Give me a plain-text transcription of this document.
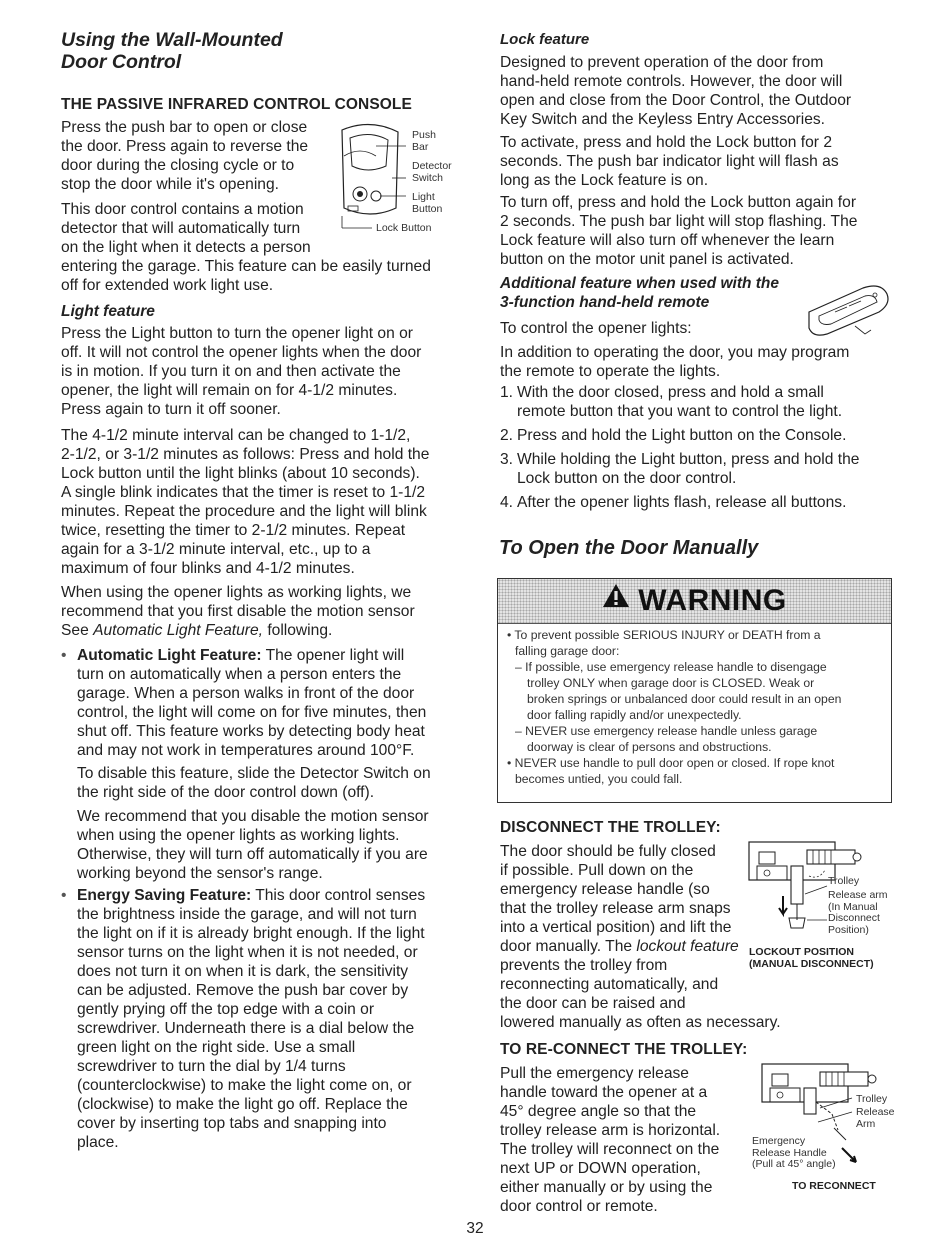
Using the Wall-Mounted
Door Control
THE PASSIVE INFRARED CONTROL CONSOLE
Press the push bar to open or close
the door. Press again to reverse the
door during the closing cycle or to
stop the door while it's opening.
This door control contains a motion
detector that will automatically turn
on the light when it detects a person
entering the garage. This feature can be easily turned
off for extended work light use.
Push
Bar
Detector
Switch
Light
Button
Lock Button
Light feature
Press the Light button to turn the opener light on or
off. It will not control the opener lights when the door
is in motion. If you turn it on and then activate the
opener, the light will remain on for 4-1/2 minutes.
Press again to turn it off sooner.
The 4-1/2 minute interval can be changed to 1-1/2,
2-1/2, or 3-1/2 minutes as follows: Press and hold the
Lock button until the light blinks (about 10 seconds).
A single blink indicates that the timer is reset to 1-1/2
minutes. Repeat the procedure and the light will blink
twice, resetting the timer to 2-1/2 minutes. Repeat
again for a 3-1/2 minute interval, etc., up to a
maximum of four blinks and 4-1/2 minutes.
When using the opener lights as working lights, we
recommend that you first disable the motion sensor
See Automatic Light Feature, following.
• Automatic Light Feature: The opener light will
turn on automatically when a person enters the
garage. When a person walks in front of the door
control, the light will come on for five minutes, then
shut off. This feature works by detecting body heat
and may not work in temperatures around 100°F.
To disable this feature, slide the Detector Switch on
the right side of the door control down (off).
We recommend that you disable the motion sensor
when using the opener lights as working lights.
Otherwise, they will turn off automatically if you are
working beyond the sensor's range.
• Energy Saving Feature: This door control senses
the brightness inside the garage, and will not turn
the light on if it is already bright enough. If the light
sensor turns on the light when it is not needed, or
does not turn it on when it is dark, the sensitivity
can be adjusted. Remove the push bar cover by
gently prying off the top edge with a coin or
screwdriver. Underneath there is a dial below the
green light on the right side. Use a small
screwdriver to turn the dial by 1/4 turns
(counterclockwise) to make the light come on, or
(clockwise) to make the light go off. Replace the
cover by inserting top tabs and snapping into
place.
Lock feature
Designed to prevent operation of the door from
hand-held remote controls. However, the door will
open and close from the Door Control, the Outdoor
Key Switch and the Keyless Entry Accessories.
To activate, press and hold the Lock button for 2
seconds. The push bar indicator light will flash as
long as the Lock feature is on.
To turn off, press and hold the Lock button again for
2 seconds. The push bar light will stop flashing. The
Lock feature will also turn off whenever the learn
button on the motor unit panel is activated.
Additional feature when used with the
3-function hand-held remote
To control the opener lights:
In addition to operating the door, you may program
the remote to operate the lights.
1. With the door closed, press and hold a small
remote button that you want to control the light.
2. Press and hold the Light button on the Console.
3. While holding the Light button, press and hold the
Lock button on the door control.
4. After the opener lights flash, release all buttons.
To Open the Door Manually
WARNING
• To prevent possible SERIOUS INJURY or DEATH from a
falling garage door:
– If possible, use emergency release handle to disengage
trolley ONLY when garage door is CLOSED. Weak or
broken springs or unbalanced door could result in an open
door falling rapidly and/or unexpectedly.
– NEVER use emergency release handle unless garage
doorway is clear of persons and obstructions.
• NEVER use handle to pull door open or closed. If rope knot
becomes untied, you could fall.
DISCONNECT THE TROLLEY:
The door should be fully closed
if possible. Pull down on the
emergency release handle (so
that the trolley release arm snaps
into a vertical position) and lift the
door manually. The lockout feature
prevents the trolley from
reconnecting automatically, and
the door can be raised and
lowered manually as often as necessary.
Trolley
Release arm
(In Manual
Disconnect
Position)
LOCKOUT POSITION
(MANUAL DISCONNECT)
TO RE-CONNECT THE TROLLEY:
Pull the emergency release
handle toward the opener at a
45° degree angle so that the
trolley release arm is horizontal.
The trolley will reconnect on the
next UP or DOWN operation,
either manually or by using the
door control or remote.
Trolley
Release
Arm
Emergency
Release Handle
(Pull at 45° angle)
TO RECONNECT
32
